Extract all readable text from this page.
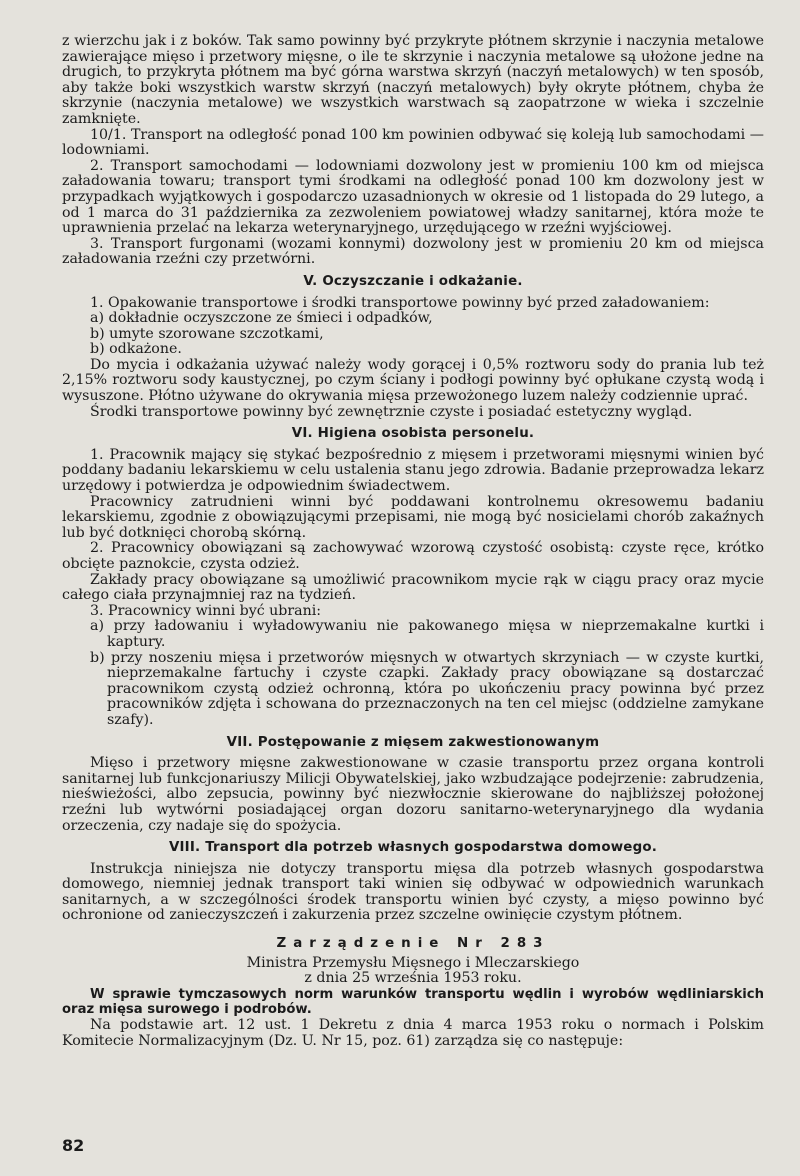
z wierzchu jak i z boków. Tak samo powinny być przykryte płótnem skrzynie i naczynia metalowe zawierające mięso i przetwory mięsne, o ile te skrzynie i naczynia metalowe są ułożone jedne na drugich, to przykryta płótnem ma być górna warstwa skrzyń (naczyń metalowych) w ten sposób, aby także boki wszystkich warstw skrzyń (naczyń metalowych) były okryte płótnem, chyba że skrzynie (naczynia metalowe) we wszystkich warstwach są zaopatrzone w wieka i szczelnie zamknięte.

10/1. Transport na odległość ponad 100 km powinien odbywać się koleją lub samochodami — lodowniami.

2. Transport samochodami — lodowniami dozwolony jest w promieniu 100 km od miejsca załadowania towaru; transport tymi środkami na odległość ponad 100 km dozwolony jest w przypadkach wyjątkowych i gospodarczo uzasadnionych w okresie od 1 listopada do 29 lutego, a od 1 marca do 31 października za zezwoleniem powiatowej władzy sanitarnej, która może te uprawnienia przelać na lekarza weterynaryjnego, urzędującego w rzeźni wyjściowej.

3. Transport furgonami (wozami konnymi) dozwolony jest w promieniu 20 km od miejsca załadowania rzeźni czy przetwórni.

V. Oczyszczanie i odkażanie.

1. Opakowanie transportowe i środki transportowe powinny być przed załadowaniem:

a) dokładnie oczyszczone ze śmieci i odpadków,

b) umyte szorowane szczotkami,

b) odkażone.

Do mycia i odkażania używać należy wody gorącej i 0,5% roztworu sody do prania lub też 2,15% roztworu sody kaustycznej, po czym ściany i podłogi powinny być opłukane czystą wodą i wysuszone. Płótno używane do okrywania mięsa przewożonego luzem należy codziennie uprać.

Środki transportowe powinny być zewnętrznie czyste i posiadać estetyczny wygląd.

VI. Higiena osobista personelu.

1. Pracownik mający się stykać bezpośrednio z mięsem i przetworami mięsnymi winien być poddany badaniu lekarskiemu w celu ustalenia stanu jego zdrowia. Badanie przeprowadza lekarz urzędowy i potwierdza je odpowiednim świadectwem.

Pracownicy zatrudnieni winni być poddawani kontrolnemu okresowemu badaniu lekarskiemu, zgodnie z obowiązującymi przepisami, nie mogą być nosicielami chorób zakaźnych lub być dotknięci chorobą skórną.

2. Pracownicy obowiązani są zachowywać wzorową czystość osobistą: czyste ręce, krótko obcięte paznokcie, czysta odzież.

Zakłady pracy obowiązane są umożliwić pracownikom mycie rąk w ciągu pracy oraz mycie całego ciała przynajmniej raz na tydzień.

3. Pracownicy winni być ubrani:

a) przy ładowaniu i wyładowywaniu nie pakowanego mięsa w nieprzemakalne kurtki i kaptury.

b) przy noszeniu mięsa i przetworów mięsnych w otwartych skrzyniach — w czyste kurtki, nieprzemakalne fartuchy i czyste czapki. Zakłady pracy obowiązane są dostarczać pracownikom czystą odzież ochronną, która po ukończeniu pracy powinna być przez pracowników zdjęta i schowana do przeznaczonych na ten cel miejsc (oddzielne zamykane szafy).

VII. Postępowanie z mięsem zakwestionowanym

Mięso i przetwory mięsne zakwestionowane w czasie transportu przez organa kontroli sanitarnej lub funkcjonariuszy Milicji Obywatelskiej, jako wzbudzające podejrzenie: zabrudzenia, nieświeżości, albo zepsucia, powinny być niezwłocznie skierowane do najbliższej położonej rzeźni lub wytwórni posiadającej organ dozoru sanitarno-weterynaryjnego dla wydania orzeczenia, czy nadaje się do spożycia.

VIII. Transport dla potrzeb własnych gospodarstwa domowego.

Instrukcja niniejsza nie dotyczy transportu mięsa dla potrzeb własnych gospodarstwa domowego, niemniej jednak transport taki winien się odbywać w odpowiednich warunkach sanitarnych, a w szczególności środek transportu winien być czysty, a mięso powinno być ochronione od zanieczyszczeń i zakurzenia przez szczelne owinięcie czystym płótnem.

Zarządzenie Nr 283

Ministra Przemysłu Mięsnego i Mleczarskiego

z dnia 25 września 1953 roku.

W sprawie tymczasowych norm warunków transportu wędlin i wyrobów wędliniarskich oraz mięsa surowego i podrobów.

Na podstawie art. 12 ust. 1 Dekretu z dnia 4 marca 1953 roku o normach i Polskim Komitecie Normalizacyjnym (Dz. U. Nr 15, poz. 61) zarządza się co następuje:

82
